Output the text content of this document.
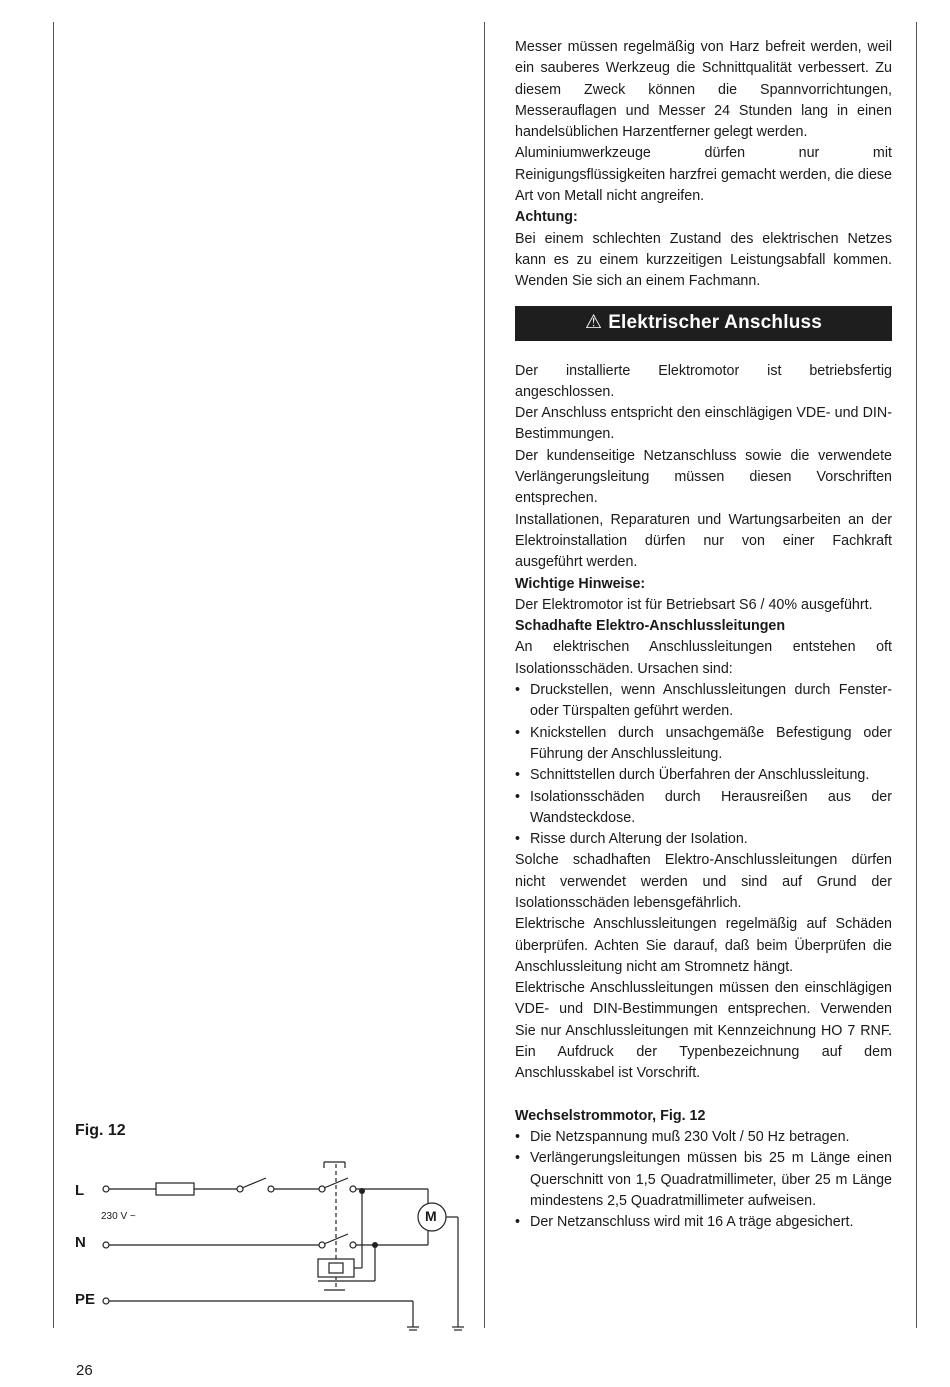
Messer müssen regelmäßig von Harz befreit werden, weil ein sauberes Werkzeug die Schnittqualität verbessert. Zu diesem Zweck können die Spannvorrichtungen, Messerauflagen und Messer 24 Stunden lang in einen handelsüblichen Harzentferner gelegt werden.

Aluminiumwerkzeuge dürfen nur mit Reinigungsflüssigkeiten harzfrei gemacht werden, die diese Art von Metall nicht angreifen.

Achtung:

Bei einem schlechten Zustand des elektrischen Netzes kann es zu einem kurzzeitigen Leistungsabfall kommen. Wenden Sie sich an einem Fachmann.

⚠ Elektrischer Anschluss

Der installierte Elektromotor ist betriebsfertig angeschlossen.

Der Anschluss entspricht den einschlägigen VDE- und DIN-Bestimmungen.

Der kundenseitige Netzanschluss sowie die verwendete Verlängerungsleitung müssen diesen Vorschriften entsprechen.

Installationen, Reparaturen und Wartungsarbeiten an der Elektroinstallation dürfen nur von einer Fachkraft ausgeführt werden.

Wichtige Hinweise:

Der Elektromotor ist für Betriebsart S6 / 40% ausgeführt.

Schadhafte Elektro-Anschlussleitungen

An elektrischen Anschlussleitungen entstehen oft Isolationsschäden. Ursachen sind:

• Druckstellen, wenn Anschlussleitungen durch Fenster- oder Türspalten geführt werden.
• Knickstellen durch unsachgemäße Befestigung oder Führung der Anschlussleitung.
• Schnittstellen durch Überfahren der Anschlussleitung.
• Isolationsschäden durch Herausreißen aus der Wandsteckdose.
• Risse durch Alterung der Isolation.

Solche schadhaften Elektro-Anschlussleitungen dürfen nicht verwendet werden und sind auf Grund der Isolationsschäden lebensgefährlich.

Elektrische Anschlussleitungen regelmäßig auf Schäden überprüfen. Achten Sie darauf, daß beim Überprüfen die Anschlussleitung nicht am Stromnetz hängt.

Elektrische Anschlussleitungen müssen den einschlägigen VDE- und DIN-Bestimmungen entsprechen. Verwenden Sie nur Anschlussleitungen mit Kennzeichnung HO 7 RNF. Ein Aufdruck der Typenbezeichnung auf dem Anschlusskabel ist Vorschrift.

Wechselstrommotor, Fig. 12

• Die Netzspannung muß 230 Volt / 50 Hz betragen.
• Verlängerungsleitungen müssen bis 25 m Länge einen Querschnitt von 1,5 Quadratmillimeter, über 25 m Länge mindestens 2,5 Quadratmillimeter aufweisen.
• Der Netzanschluss wird mit 16 A träge abgesichert.
Fig. 12
L
N
PE
230 V ~	M
26
